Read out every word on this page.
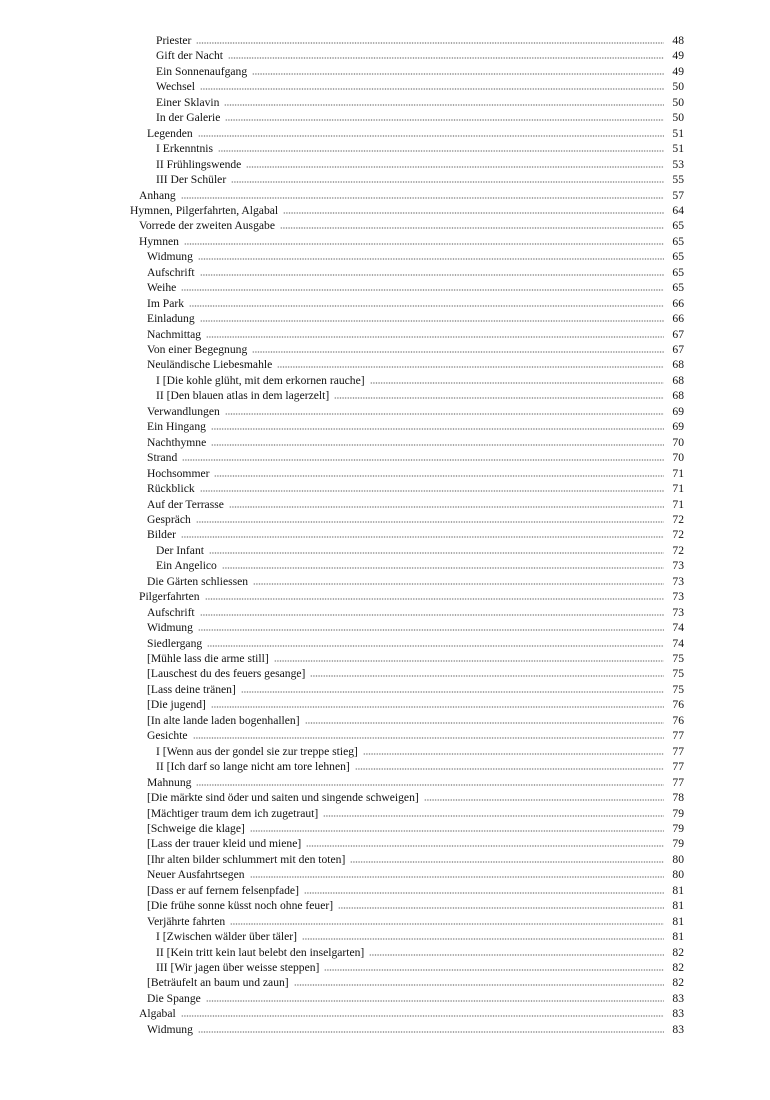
Priester	48
Gift der Nacht	49
Ein Sonnenaufgang	49
Wechsel	50
Einer Sklavin	50
In der Galerie	50
Legenden	51
I Erkenntnis	51
II Frühlingswende	53
III Der Schüler	55
Anhang	57
Hymnen, Pilgerfahrten, Algabal	64
Vorrede der zweiten Ausgabe	65
Hymnen	65
Widmung	65
Aufschrift	65
Weihe	65
Im Park	66
Einladung	66
Nachmittag	67
Von einer Begegnung	67
Neuländische Liebesmahle	68
I [Die kohle glüht, mit dem erkornen rauche]	68
II [Den blauen atlas in dem lagerzelt]	68
Verwandlungen	69
Ein Hingang	69
Nachthymne	70
Strand	70
Hochsommer	71
Rückblick	71
Auf der Terrasse	71
Gespräch	72
Bilder	72
Der Infant	72
Ein Angelico	73
Die Gärten schliessen	73
Pilgerfahrten	73
Aufschrift	73
Widmung	74
Siedlergang	74
[Mühle lass die arme still]	75
[Lauschest du des feuers gesange]	75
[Lass deine tränen]	75
[Die jugend]	76
[In alte lande laden bogenhallen]	76
Gesichte	77
I [Wenn aus der gondel sie zur treppe stieg]	77
II [Ich darf so lange nicht am tore lehnen]	77
Mahnung	77
[Die märkte sind öder und saiten und singende schweigen]	78
[Mächtiger traum dem ich zugetraut]	79
[Schweige die klage]	79
[Lass der trauer kleid und miene]	79
[Ihr alten bilder schlummert mit den toten]	80
Neuer Ausfahrtsegen	80
[Dass er auf fernem felsenpfade]	81
[Die frühe sonne küsst noch ohne feuer]	81
Verjährte fahrten	81
I [Zwischen wälder über täler]	81
II [Kein tritt kein laut belebt den inselgarten]	82
III [Wir jagen über weisse steppen]	82
[Beträufelt an baum und zaun]	82
Die Spange	83
Algabal	83
Widmung	83
